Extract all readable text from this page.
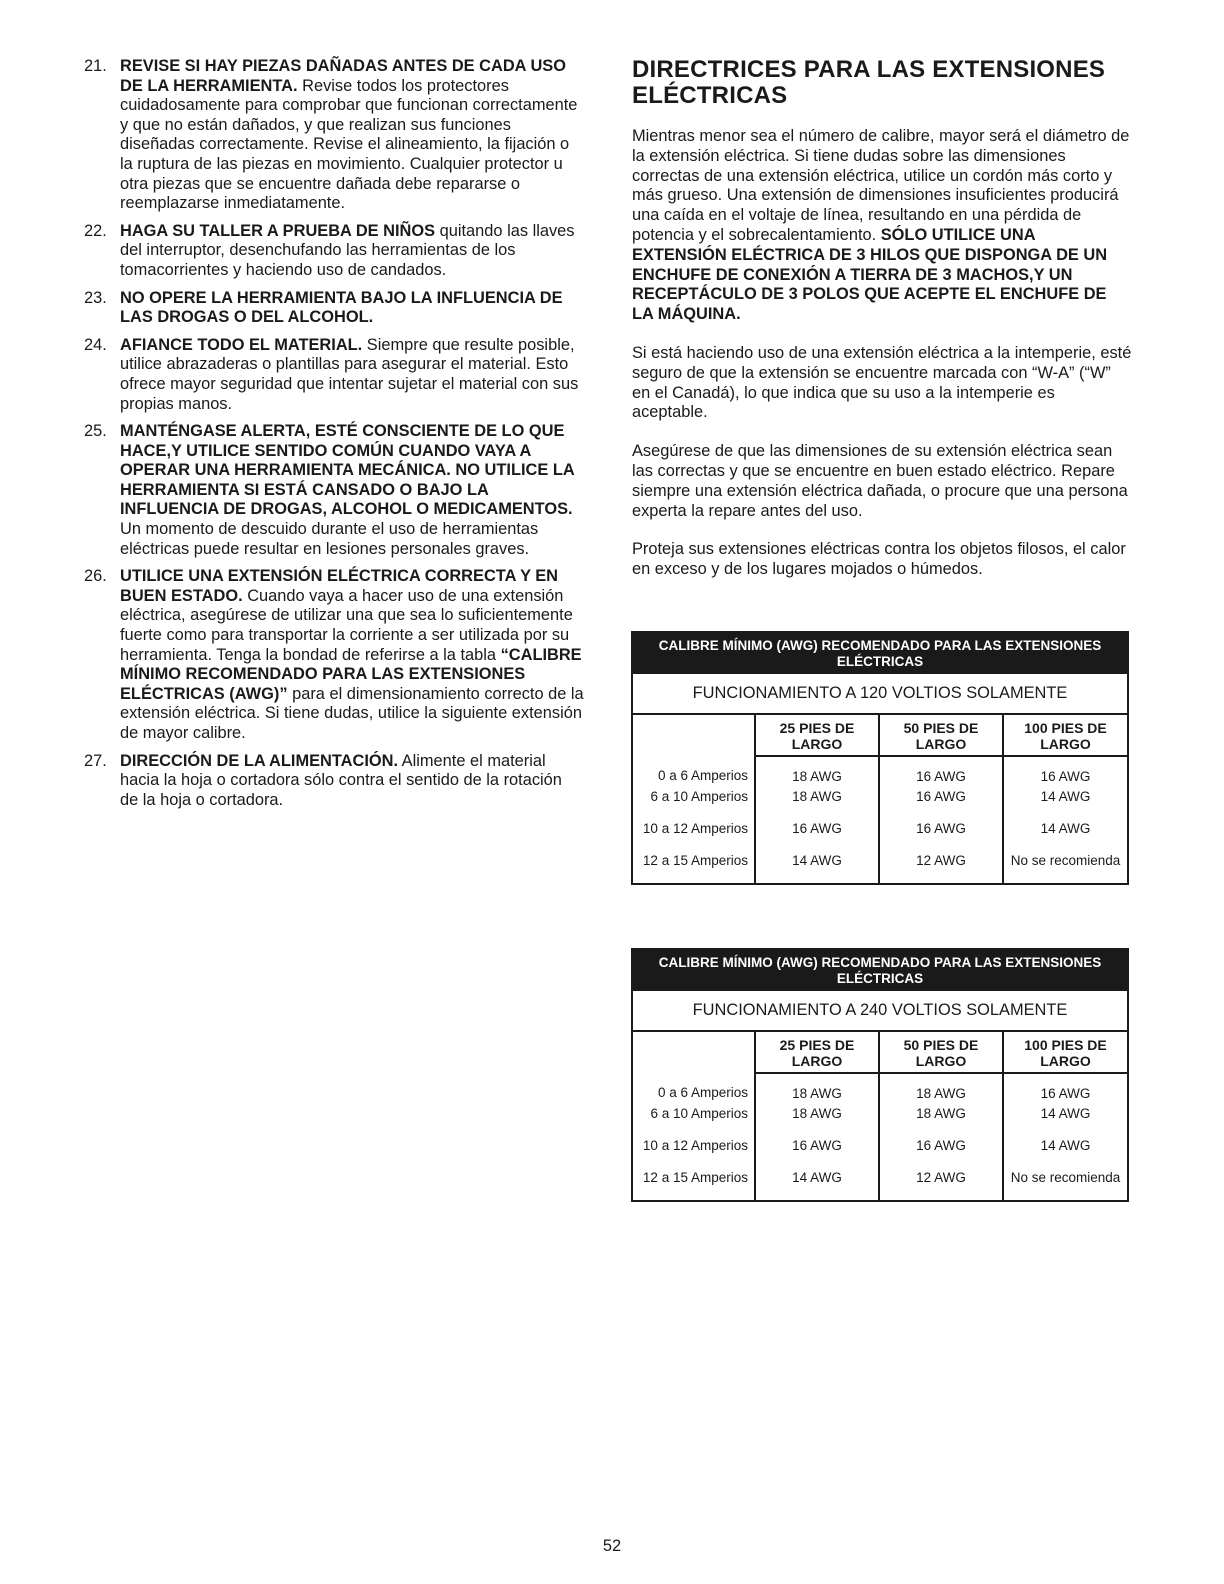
21. REVISE SI HAY PIEZAS DAÑADAS ANTES DE CADA USO DE LA HERRAMIENTA. Revise todos los protectores cuidadosamente para comprobar que funcionan correctamente y que no están dañados, y que realizan sus funciones diseñadas correctamente. Revise el alineamiento, la fijación o la ruptura de las piezas en movimiento. Cualquier protector u otra piezas que se encuentre dañada debe repararse o reemplazarse inmediatamente.
22. HAGA SU TALLER A PRUEBA DE NIÑOS quitando las llaves del interruptor, desenchufando las herramientas de los tomacorrientes y haciendo uso de candados.
23. NO OPERE LA HERRAMIENTA BAJO LA INFLUENCIA DE LAS DROGAS O DEL ALCOHOL.
24. AFIANCE TODO EL MATERIAL. Siempre que resulte posible, utilice abrazaderas o plantillas para asegurar el material. Esto ofrece mayor seguridad que intentar sujetar el material con sus propias manos.
25. MANTÉNGASE ALERTA, ESTÉ CONSCIENTE DE LO QUE HACE,Y UTILICE SENTIDO COMÚN CUANDO VAYA A OPERAR UNA HERRAMIENTA MECÁNICA. NO UTILICE LA HERRAMIENTA SI ESTÁ CANSADO O BAJO LA INFLUENCIA DE DROGAS, ALCOHOL O MEDICAMENTOS. Un momento de descuido durante el uso de herramientas eléctricas puede resultar en lesiones personales graves.
26. UTILICE UNA EXTENSIÓN ELÉCTRICA CORRECTA Y EN BUEN ESTADO. Cuando vaya a hacer uso de una extensión eléctrica, asegúrese de utilizar una que sea lo suficientemente fuerte como para transportar la corriente a ser utilizada por su herramienta. Tenga la bondad de referirse a la tabla “CALIBRE MÍNIMO RECOMENDADO PARA LAS EXTENSIONES ELÉCTRICAS (AWG)” para el dimensionamiento correcto de la extensión eléctrica. Si tiene dudas, utilice la siguiente extensión de mayor calibre.
27. DIRECCIÓN DE LA ALIMENTACIÓN. Alimente el material hacia la hoja o cortadora sólo contra el sentido de la rotación de la hoja o cortadora.
DIRECTRICES PARA LAS EXTENSIONES ELÉCTRICAS

Mientras menor sea el número de calibre, mayor será el diámetro de la extensión eléctrica. Si tiene dudas sobre las dimensiones correctas de una extensión eléctrica, utilice un cordón más corto y más grueso. Una extensión de dimensiones insuficientes producirá una caída en el voltaje de línea, resultando en una pérdida de potencia y el sobrecalentamiento. SÓLO UTILICE UNA EXTENSIÓN ELÉCTRICA DE 3 HILOS QUE DISPONGA DE UN ENCHUFE DE CONEXIÓN A TIERRA DE 3 MACHOS,Y UN RECEPTÁCULO DE 3 POLOS QUE ACEPTE EL ENCHUFE DE LA MÁQUINA.

Si está haciendo uso de una extensión eléctrica a la intemperie, esté seguro de que la extensión se encuentre marcada con “W-A” (“W” en el Canadá), lo que indica que su uso a la intemperie es aceptable.

Asegúrese de que las dimensiones de su extensión eléctrica sean las correctas y que se encuentre en buen estado eléctrico. Repare siempre una extensión eléctrica dañada, o procure que una persona experta la repare antes del uso.

Proteja sus extensiones eléctricas contra los objetos filosos, el calor en exceso y de los lugares mojados o húmedos.

CALIBRE MÍNIMO (AWG) RECOMENDADO PARA LAS EXTENSIONES ELÉCTRICAS
FUNCIONAMIENTO A 120 VOLTIOS SOLAMENTE
	25 PIES DE LARGO	50 PIES DE LARGO	100 PIES DE LARGO
0 a 6 Amperios	18 AWG	16 AWG	16 AWG
6 a 10 Amperios	18 AWG	16 AWG	14 AWG
10 a 12 Amperios	16 AWG	16 AWG	14 AWG
12 a 15 Amperios	14 AWG	12 AWG	No se recomienda
CALIBRE MÍNIMO (AWG) RECOMENDADO PARA LAS EXTENSIONES ELÉCTRICAS
FUNCIONAMIENTO A 240 VOLTIOS SOLAMENTE
	25 PIES DE LARGO	50 PIES DE LARGO	100 PIES DE LARGO
0 a 6 Amperios	18 AWG	18 AWG	16 AWG
6 a 10 Amperios	18 AWG	18 AWG	14 AWG
10 a 12 Amperios	16 AWG	16 AWG	14 AWG
12 a 15 Amperios	14 AWG	12 AWG	No se recomienda
52
